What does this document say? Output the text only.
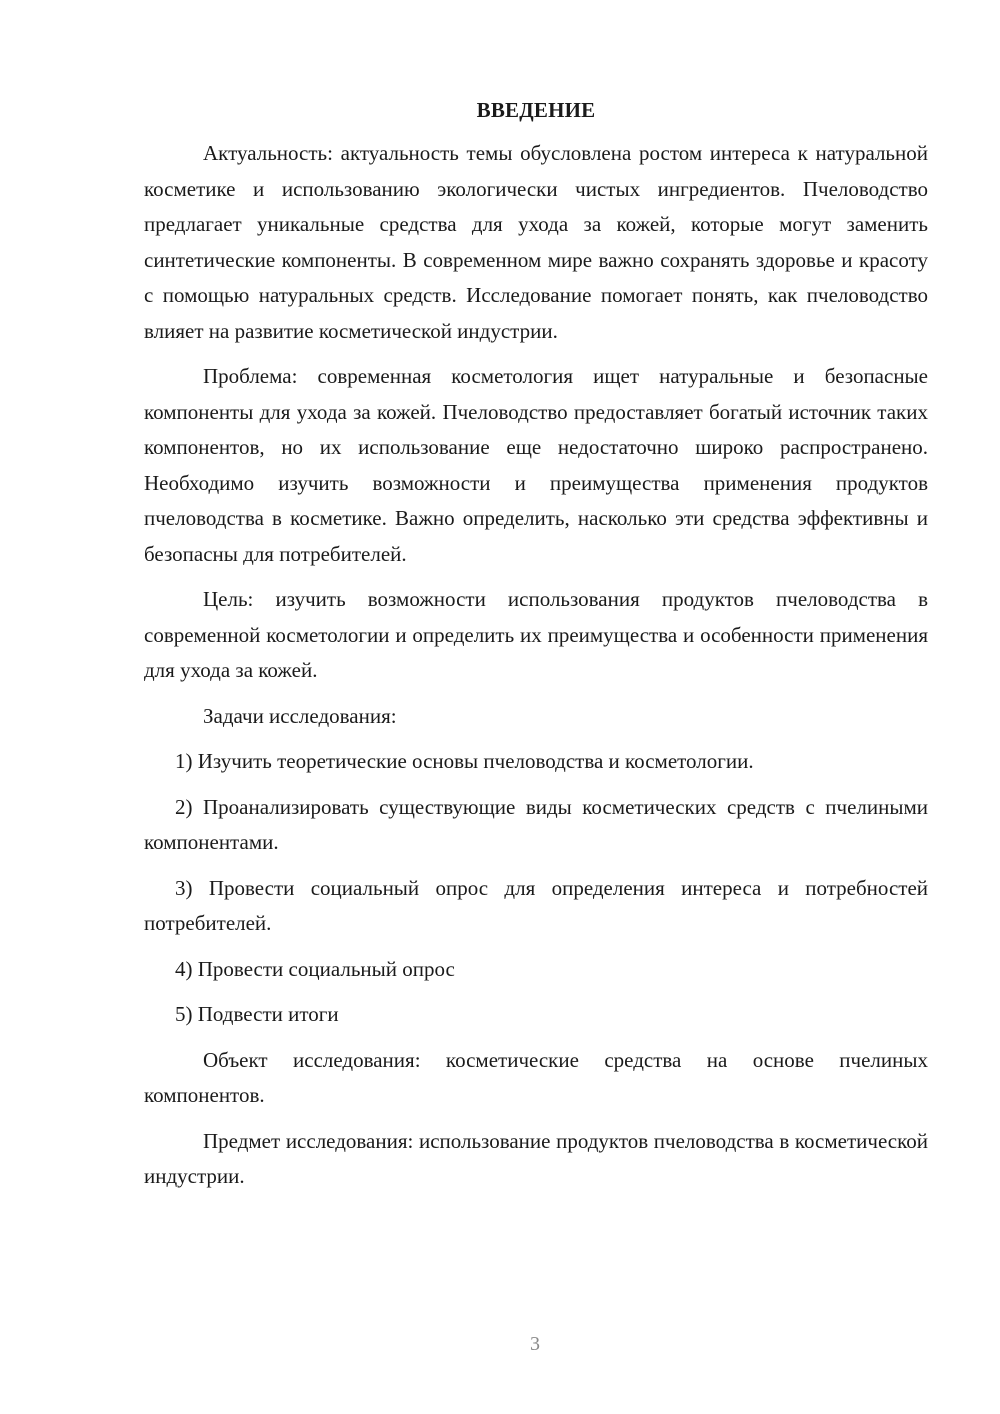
ВВЕДЕНИЕ

Актуальность: актуальность темы обусловлена ростом интереса к натуральной косметике и использованию экологически чистых ингредиентов. Пчеловодство предлагает уникальные средства для ухода за кожей, которые могут заменить синтетические компоненты. В современном мире важно сохранять здоровье и красоту с помощью натуральных средств. Исследование помогает понять, как пчеловодство влияет на развитие косметической индустрии.

Проблема: современная косметология ищет натуральные и безопасные компоненты для ухода за кожей. Пчеловодство предоставляет богатый источник таких компонентов, но их использование еще недостаточно широко распространено. Необходимо изучить возможности и преимущества применения продуктов пчеловодства в косметике. Важно определить, насколько эти средства эффективны и безопасны для потребителей.

Цель: изучить возможности использования продуктов пчеловодства в современной косметологии и определить их преимущества и особенности применения для ухода за кожей.

Задачи исследования:

1) Изучить теоретические основы пчеловодства и косметологии.

2) Проанализировать существующие виды косметических средств с пчелиными компонентами.

3) Провести социальный опрос для определения интереса и потребностей потребителей.

4) Провести социальный опрос

5) Подвести итоги

Объект исследования: косметические средства на основе пчелиных компонентов.

Предмет исследования: использование продуктов пчеловодства в косметической индустрии.

3
